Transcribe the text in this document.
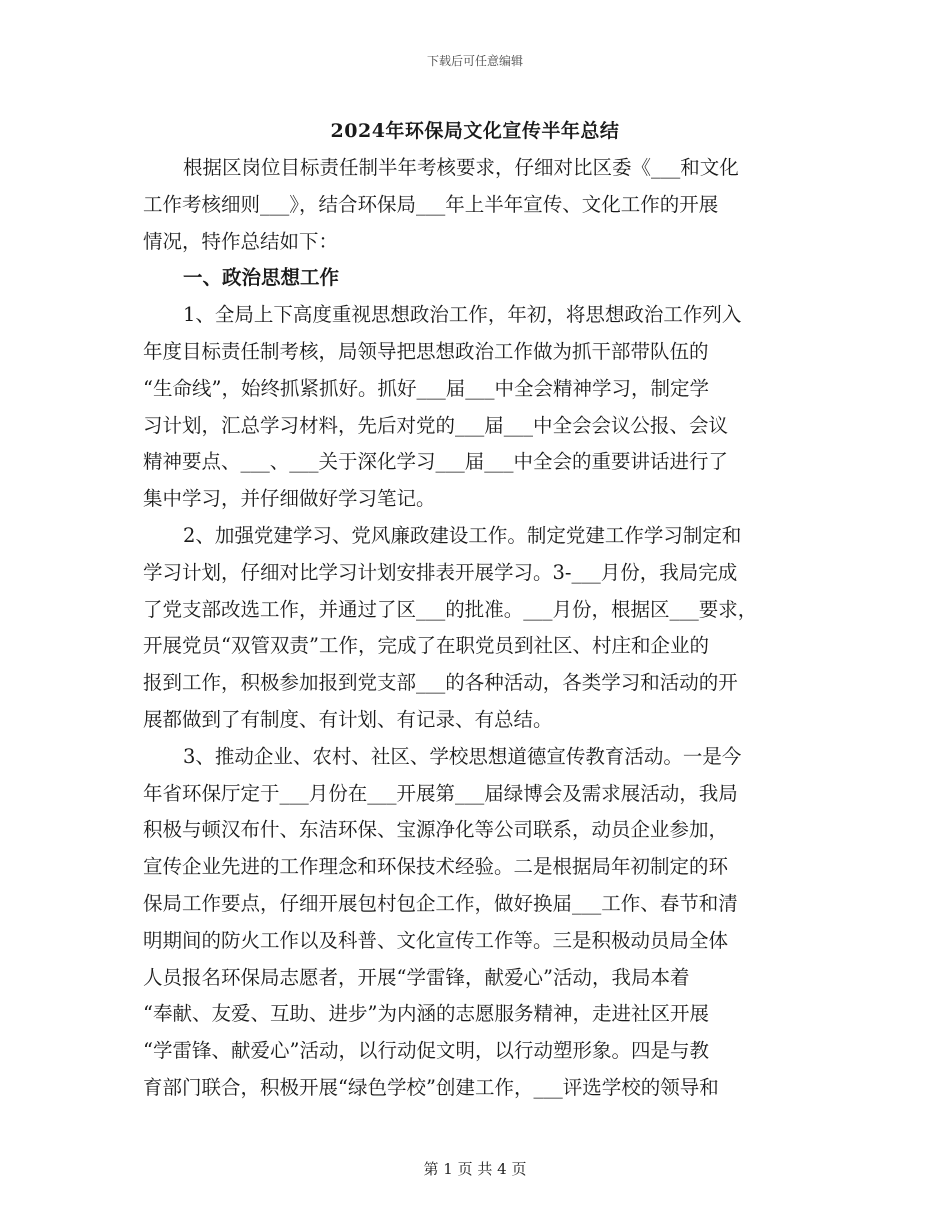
下载后可任意编辑
2024年环保局文化宣传半年总结
根据区岗位目标责任制半年考核要求，仔细对比区委《___和文化
工作考核细则___》，结合环保局___年上半年宣传、文化工作的开展
情况，特作总结如下：
一、政治思想工作
1、全局上下高度重视思想政治工作，年初，将思想政治工作列入
年度目标责任制考核，局领导把思想政治工作做为抓干部带队伍的
“生命线”，始终抓紧抓好。抓好___届___中全会精神学习，制定学
习计划，汇总学习材料，先后对党的___届___中全会会议公报、会议
精神要点、___、___关于深化学习___届___中全会的重要讲话进行了
集中学习，并仔细做好学习笔记。
2、加强党建学习、党风廉政建设工作。制定党建工作学习制定和
学习计划，仔细对比学习计划安排表开展学习。3-___月份，我局完成
了党支部改选工作，并通过了区___的批准。___月份，根据区___要求，
开展党员“双管双责”工作，完成了在职党员到社区、村庄和企业的
报到工作，积极参加报到党支部___的各种活动，各类学习和活动的开
展都做到了有制度、有计划、有记录、有总结。
3、推动企业、农村、社区、学校思想道德宣传教育活动。一是今
年省环保厅定于___月份在___开展第___届绿博会及需求展活动，我局
积极与顿汉布什、东洁环保、宝源净化等公司联系，动员企业参加，
宣传企业先进的工作理念和环保技术经验。二是根据局年初制定的环
保局工作要点，仔细开展包村包企工作，做好换届___工作、春节和清
明期间的防火工作以及科普、文化宣传工作等。三是积极动员局全体
人员报名环保局志愿者，开展“学雷锋，献爱心”活动，我局本着
“奉献、友爱、互助、进步”为内涵的志愿服务精神，走进社区开展
“学雷锋、献爱心”活动，以行动促文明，以行动塑形象。四是与教
育部门联合，积极开展“绿色学校”创建工作，___评选学校的领导和
第 1 页 共 4 页
